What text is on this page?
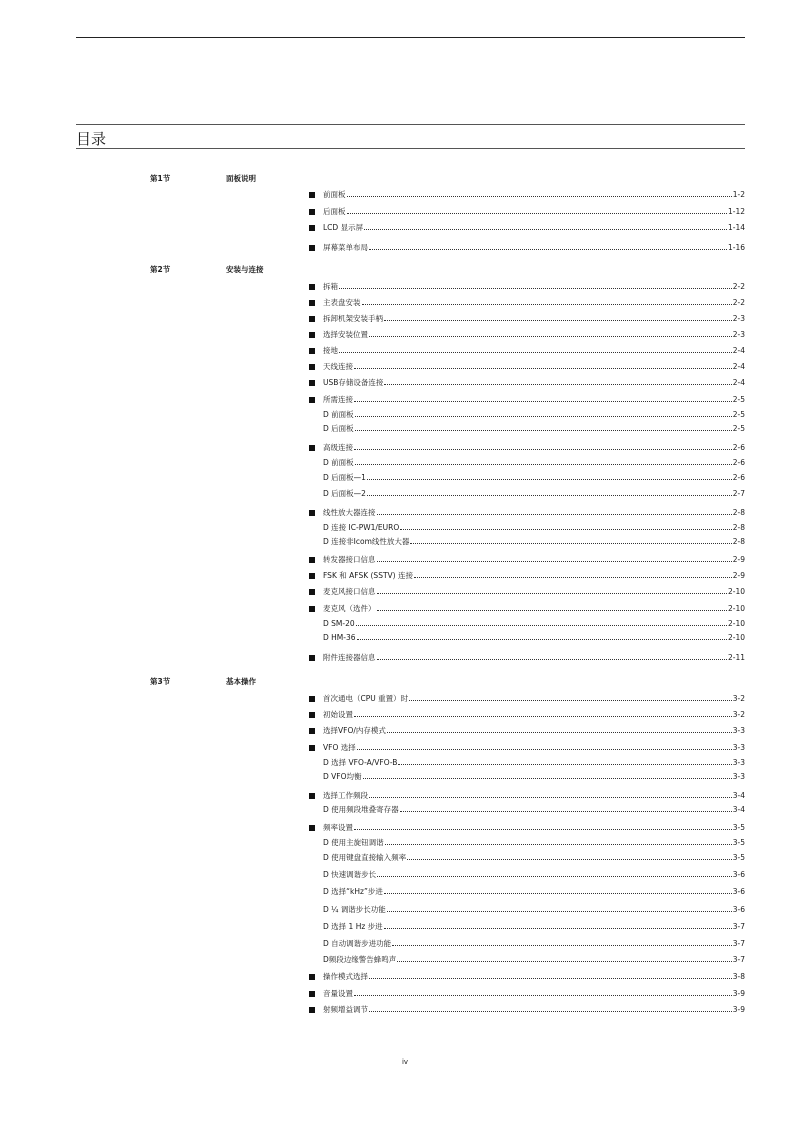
目录
第1节	面板说明
前面板	1-2
后面板	1-12
LCD 显示屏	1-14
屏幕菜单布局	1-16
第2节	安装与连接
拆箱	2-2
主表盘安装	2-2
拆卸机架安装手柄	2-3
选择安装位置	2-3
接地	2-4
天线连接	2-4
USB存储设备连接	2-4
所需连接	2-5
D 前面板	2-5
D 后面板	2-5
高级连接	2-6
D 前面板	2-6
D 后面板—1	2-6
D 后面板—2	2-7
线性放大器连接	2-8
D 连接 IC-PW1/EURO	2-8
D 连接非Icom线性放大器	2-8
转发器接口信息	2-9
FSK 和 AFSK (SSTV) 连接	2-9
麦克风接口信息	2-10
麦克风（选件）	2-10
D SM-20	2-10
D HM-36	2-10
附件连接器信息	2-11
第3节	基本操作
首次通电（CPU 重置）时	3-2
初始设置	3-2
选择VFO/内存模式	3-3
VFO 选择	3-3
D 选择 VFO-A/VFO-B	3-3
D VFO均衡	3-3
选择工作频段	3-4
D 使用频段堆叠寄存器	3-4
频率设置	3-5
D 使用主旋钮调谐	3-5
D 使用键盘直接输入频率	3-5
D 快速调谐步长	3-6
D 选择“kHz”步进	3-6
D ¼ 调谐步长功能	3-6
D 选择 1 Hz 步进	3-7
D 自动调谐步进功能	3-7
D频段边缘警告蜂鸣声	3-7
操作模式选择	3-8
音量设置	3-9
射频增益调节	3-9
iv
